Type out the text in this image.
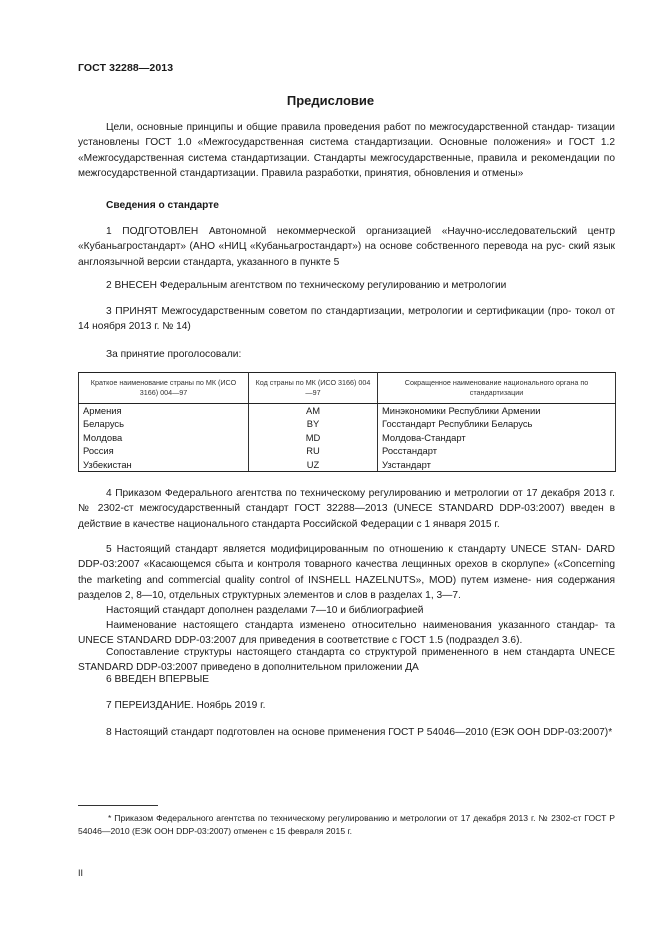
ГОСТ 32288—2013
Предисловие
Цели, основные принципы и общие правила проведения работ по межгосударственной стандар- тизации установлены ГОСТ 1.0 «Межгосударственная система стандартизации. Основные положения» и ГОСТ 1.2 «Межгосударственная система стандартизации. Стандарты межгосударственные, правила и рекомендации по межгосударственной стандартизации. Правила разработки, принятия, обновления и отмены»
Сведения о стандарте
1 ПОДГОТОВЛЕН Автономной некоммерческой организацией «Научно-исследовательский центр «Кубаньагростандарт» (АНО «НИЦ «Кубаньагростандарт») на основе собственного перевода на рус- ский язык англоязычной версии стандарта, указанного в пункте 5
2 ВНЕСЕН Федеральным агентством по техническому регулированию и метрологии
3 ПРИНЯТ Межгосударственным советом по стандартизации, метрологии и сертификации (про- токол от 14 ноября 2013 г. № 14)
За принятие проголосовали:
Краткое наименование страны по МК (ИСО 3166) 004—97	Код страны по МК (ИСО 3166) 004—97	Сокращенное наименование национального органа по стандартизации
Армения	AM	Минэкономики Республики Армении
Беларусь	BY	Госстандарт Республики Беларусь
Молдова	MD	Молдова-Стандарт
Россия	RU	Росстандарт
Узбекистан	UZ	Узстандарт
4 Приказом Федерального агентства по техническому регулированию и метрологии от 17 декабря 2013 г. № 2302-ст межгосударственный стандарт ГОСТ 32288—2013 (UNECE STANDARD DDP-03:2007) введен в действие в качестве национального стандарта Российской Федерации с 1 января 2015 г.
5 Настоящий стандарт является модифицированным по отношению к стандарту UNECE STAN- DARD DDP-03:2007 «Касающемся сбыта и контроля товарного качества лещинных орехов в скорлупе» («Concerning the marketing and commercial quality control of INSHELL HAZELNUTS», MOD) путем измене- ния содержания разделов 2, 8—10, отдельных структурных элементов и слов в разделах 1, 3—7.
Настоящий стандарт дополнен разделами 7—10 и библиографией
Наименование настоящего стандарта изменено относительно наименования указанного стандар- та UNECE STANDARD DDP-03:2007 для приведения в соответствие с ГОСТ 1.5 (подраздел 3.6).
Сопоставление структуры настоящего стандарта со структурой примененного в нем стандарта UNECE STANDARD DDP-03:2007 приведено в дополнительном приложении ДА
6 ВВЕДЕН ВПЕРВЫЕ
7 ПЕРЕИЗДАНИЕ. Ноябрь 2019 г.
8 Настоящий стандарт подготовлен на основе применения ГОСТ Р 54046—2010 (ЕЭК ООН DDP-03:2007)*
* Приказом Федерального агентства по техническому регулированию и метрологии от 17 декабря 2013 г. № 2302-ст ГОСТ Р 54046—2010 (ЕЭК ООН DDP-03:2007) отменен с 15 февраля 2015 г.
II
